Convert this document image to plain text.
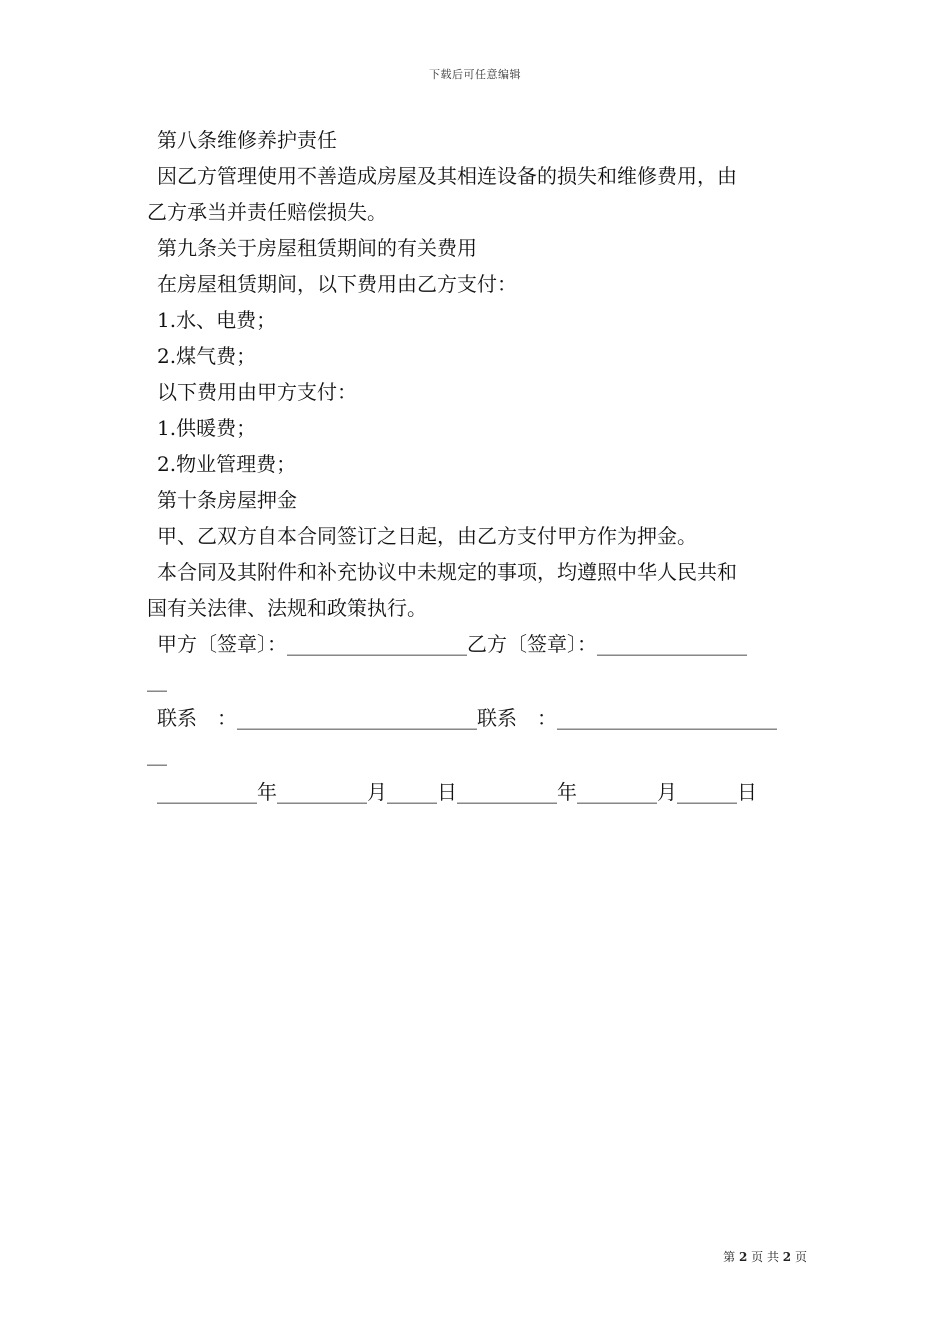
下载后可任意编辑
第八条维修养护责任
因乙方管理使用不善造成房屋及其相连设备的损失和维修费用，由
乙方承当并责任赔偿损失。
第九条关于房屋租赁期间的有关费用
在房屋租赁期间，以下费用由乙方支付：
1.水、电费；
2.煤气费；
以下费用由甲方支付：
1.供暖费；
2.物业管理费；
第十条房屋押金
甲、乙双方自本合同签订之日起，由乙方支付甲方作为押金。
本合同及其附件和补充协议中未规定的事项，均遵照中华人民共和
国有关法律、法规和政策执行。
甲方〔签章〕：__________________乙方〔签章〕：_______________
__
联系　：________________________联系　：______________________
__
__________年_________月_____日__________年________月______日
第 2 页 共 2 页
